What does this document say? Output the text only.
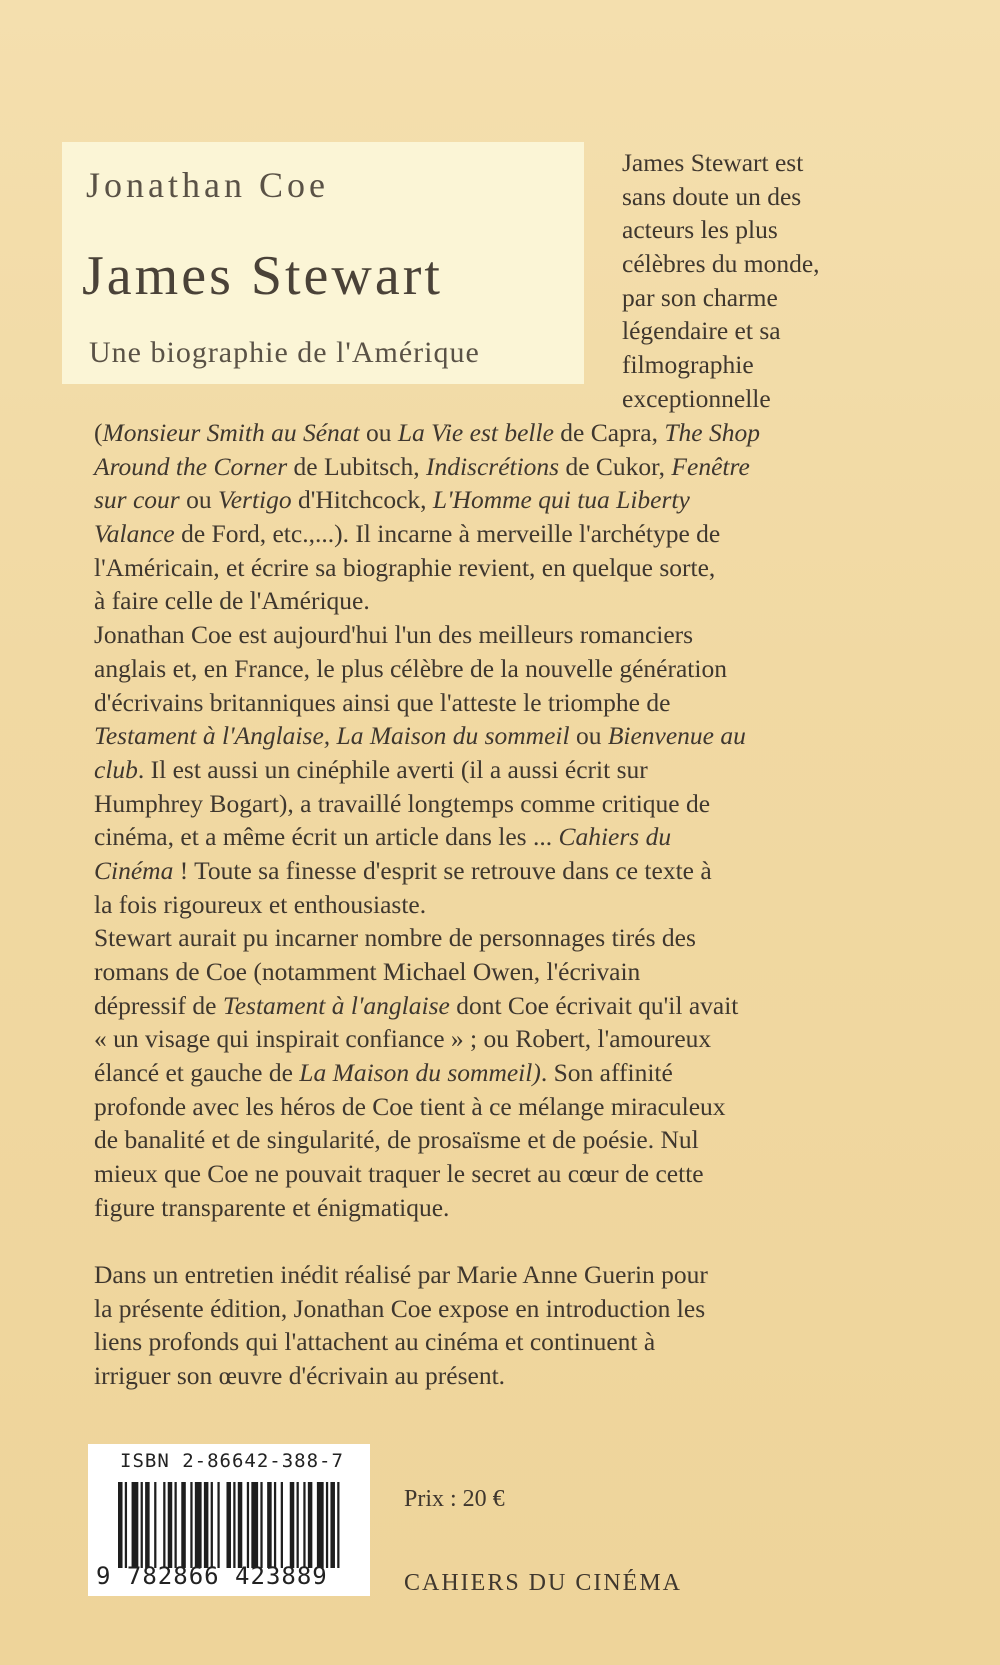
Jonathan Coe
James Stewart
Une biographie de l'Amérique
James Stewart est
sans doute un des
acteurs les plus
célèbres du monde,
par son charme
légendaire et sa
filmographie
exceptionnelle
(Monsieur Smith au Sénat ou La Vie est belle de Capra, The Shop
Around the Corner de Lubitsch, Indiscrétions de Cukor, Fenêtre
sur cour ou Vertigo d'Hitchcock, L'Homme qui tua Liberty
Valance de Ford, etc.,...). Il incarne à merveille l'archétype de
l'Américain, et écrire sa biographie revient, en quelque sorte,
à faire celle de l'Amérique.
Jonathan Coe est aujourd'hui l'un des meilleurs romanciers
anglais et, en France, le plus célèbre de la nouvelle génération
d'écrivains britanniques ainsi que l'atteste le triomphe de
Testament à l'Anglaise, La Maison du sommeil ou Bienvenue au
club. Il est aussi un cinéphile averti (il a aussi écrit sur
Humphrey Bogart), a travaillé longtemps comme critique de
cinéma, et a même écrit un article dans les ... Cahiers du
Cinéma ! Toute sa finesse d'esprit se retrouve dans ce texte à
la fois rigoureux et enthousiaste.
Stewart aurait pu incarner nombre de personnages tirés des
romans de Coe (notamment Michael Owen, l'écrivain
dépressif de Testament à l'anglaise dont Coe écrivait qu'il avait
« un visage qui inspirait confiance » ; ou Robert, l'amoureux
élancé et gauche de La Maison du sommeil). Son affinité
profonde avec les héros de Coe tient à ce mélange miraculeux
de banalité et de singularité, de prosaïsme et de poésie. Nul
mieux que Coe ne pouvait traquer le secret au cœur de cette
figure transparente et énigmatique.
Dans un entretien inédit réalisé par Marie Anne Guerin pour
la présente édition, Jonathan Coe expose en introduction les
liens profonds qui l'attachent au cinéma et continuent à
irriguer son œuvre d'écrivain au présent.
ISBN 2-86642-388-7
9 782866 423889
Prix : 20 €
CAHIERS DU CINÉMA
